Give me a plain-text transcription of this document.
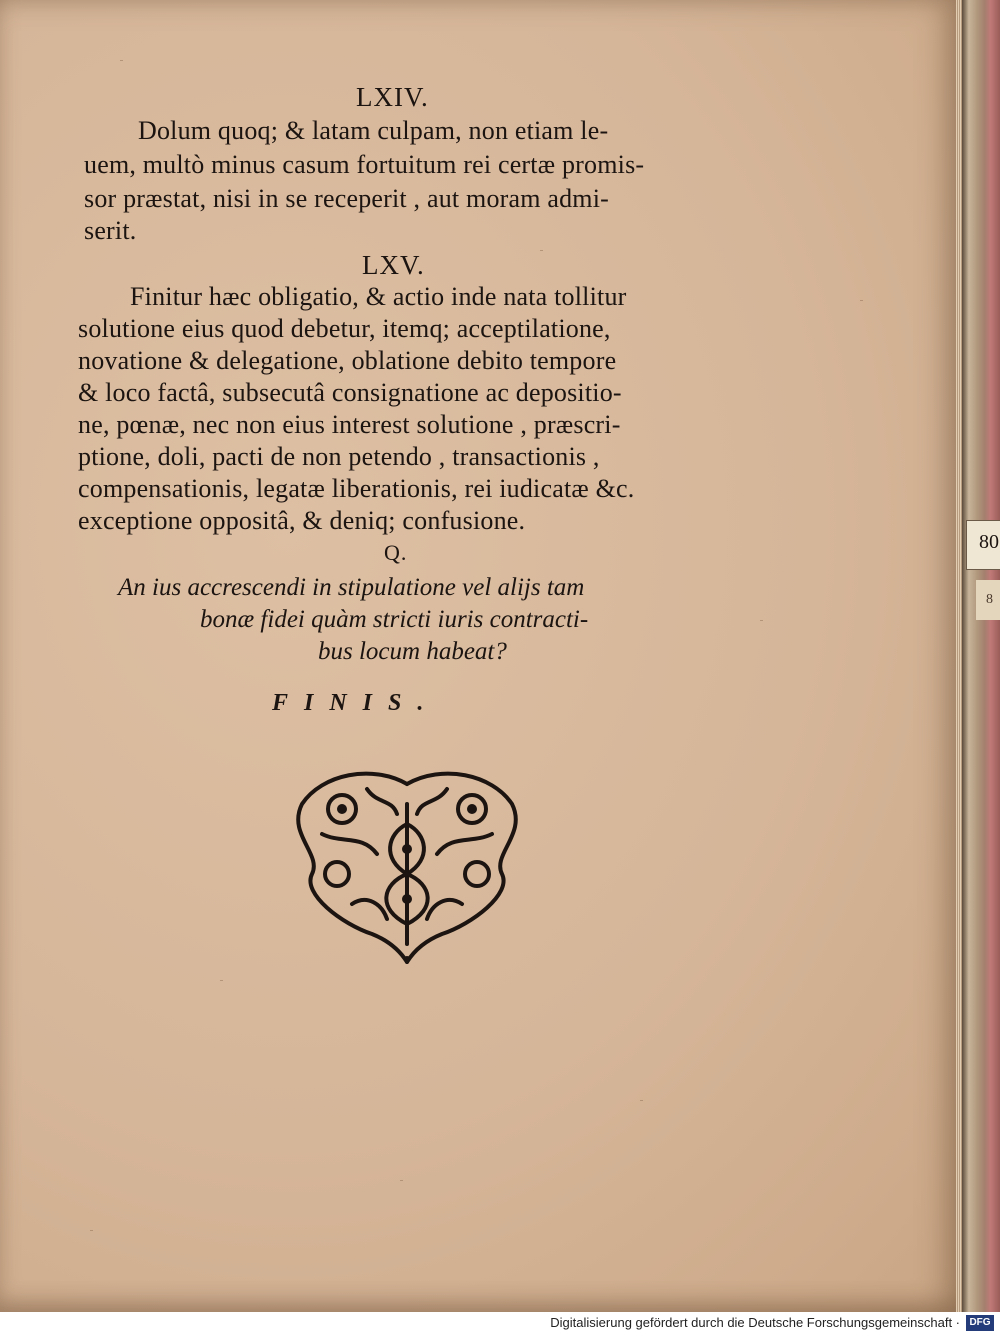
LXIV.
Dolum quoq; & latam culpam, non etiam le-
uem, multò minus casum fortuitum rei certæ promis-
sor præstat, nisi in se receperit , aut moram admi-
serit.
LXV.
Finitur hæc obligatio, & actio inde nata tollitur
solutione eius quod debetur, itemq; acceptilatione,
novatione & delegatione, oblatione debito tempore
& loco factâ, subsecutâ consignatione ac depositio-
ne, pœnæ, nec non eius interest solutione , præscri-
ptione, doli, pacti de non petendo , transactionis ,
compensationis, legatæ liberationis, rei iudicatæ &c.
exceptione oppositâ, & deniq; confusione.
Q.
An ius accrescendi in stipulatione vel alijs tam
bonæ fidei quàm stricti iuris contracti-
bus locum habeat?
FINIS.
80
8
Digitalisierung gefördert durch die Deutsche Forschungsgemeinschaft · DFG
